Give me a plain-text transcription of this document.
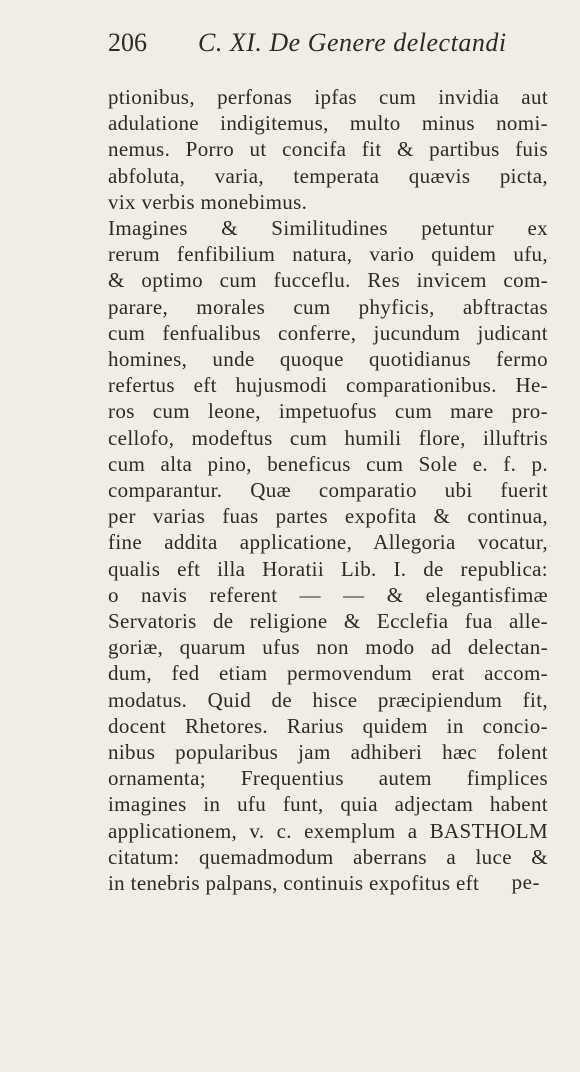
206	C. XI. De Genere delectandi
ptionibus, perfonas ipfas cum invidia aut
adulatione indigitemus, multo minus nomi-
nemus. Porro ut concifa fit & partibus fuis
abfoluta, varia, temperata quævis picta,
vix verbis monebimus.
Imagines & Similitudines petuntur ex
rerum fenfibilium natura, vario quidem ufu,
& optimo cum fucceflu. Res invicem com-
parare, morales cum phyficis, abftractas
cum fenfualibus conferre, jucundum judicant
homines, unde quoque quotidianus fermo
refertus eft hujusmodi comparationibus. He-
ros cum leone, impetuofus cum mare pro-
cellofo, modeftus cum humili flore, illuftris
cum alta pino, beneficus cum Sole e. f. p.
comparantur. Quæ comparatio ubi fuerit
per varias fuas partes expofita & continua,
fine addita applicatione, Allegoria vocatur,
qualis eft illa Horatii Lib. I. de republica:
o navis referent — — & elegantisfimæ
Servatoris de religione & Ecclefia fua alle-
goriæ, quarum ufus non modo ad delectan-
dum, fed etiam permovendum erat accom-
modatus. Quid de hisce præcipiendum fit,
docent Rhetores. Rarius quidem in concio-
nibus popularibus jam adhiberi hæc folent
ornamenta; Frequentius autem fimplices
imagines in ufu funt, quia adjectam habent
applicationem, v. c. exemplum a BASTHOLM
citatum: quemadmodum aberrans a luce &
in tenebris palpans, continuis expofitus eft	pe-
